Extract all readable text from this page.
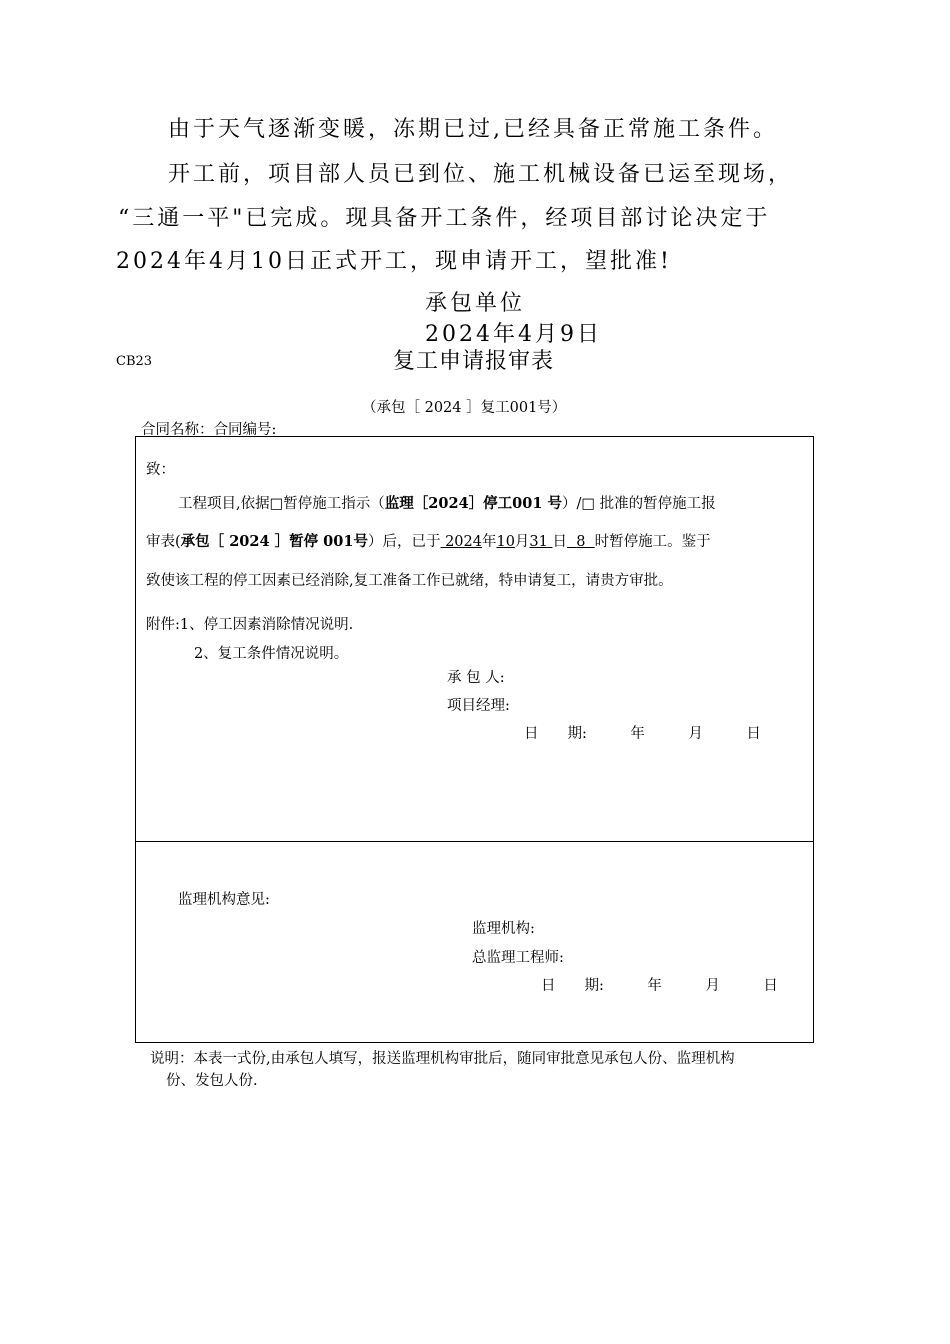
由于天气逐渐变暖，冻期已过,已经具备正常施工条件。
开工前，项目部人员已到位、施工机械设备已运至现场，
“三通一平"已完成。现具备开工条件，经项目部讨论决定于
2024年4月10日正式开工，现申请开工，望批准!
承包单位
2024年4月9日
CB23	复工申请报审表
（承包［ 2024 ］复工001号）
合同名称：合同编号:
致：
工程项目,依据□暂停施工指示（监理［2024］停工001 号）/□ 批准的暂停施工报
审表(承包［ 2024 ］暂停 001号）后，已于 2024年10月31 日 8 时暂停施工。鉴于
致使该工程的停工因素已经消除,复工准备工作已就绪，特申请复工，请贵方审批。
附件:1、停工因素消除情况说明.
2、复工条件情况说明。
承 包 人:
项目经理:
日　　期:　　　年　　　月　　　日
监理机构意见:
监理机构:
总监理工程师:
日　　期:　　　年　　　月　　　日
说明：本表一式份,由承包人填写，报送监理机构审批后，随同审批意见承包人份、监理机构
份、发包人份.
